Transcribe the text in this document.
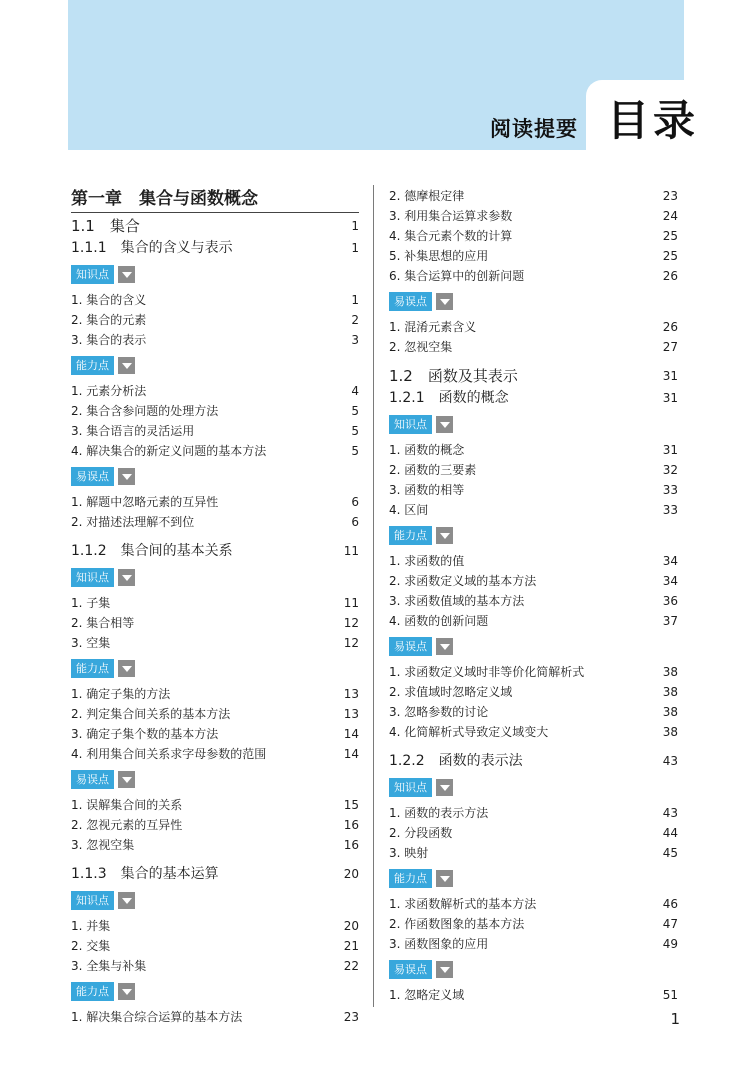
阅读提要 目录
第一章　集合与函数概念
1.1　集合	1
1.1.1　集合的含义与表示	1
知识点
1. 集合的含义	1
2. 集合的元素	2
3. 集合的表示	3
能力点
1. 元素分析法	4
2. 集合含参问题的处理方法	5
3. 集合语言的灵活运用	5
4. 解决集合的新定义问题的基本方法	5
易误点
1. 解题中忽略元素的互异性	6
2. 对描述法理解不到位	6
1.1.2　集合间的基本关系	11
知识点
1. 子集	11
2. 集合相等	12
3. 空集	12
能力点
1. 确定子集的方法	13
2. 判定集合间关系的基本方法	13
3. 确定子集个数的基本方法	14
4. 利用集合间关系求字母参数的范围	14
易误点
1. 误解集合间的关系	15
2. 忽视元素的互异性	16
3. 忽视空集	16
1.1.3　集合的基本运算	20
知识点
1. 并集	20
2. 交集	21
3. 全集与补集	22
能力点
1. 解决集合综合运算的基本方法	23
2. 德摩根定律	23
3. 利用集合运算求参数	24
4. 集合元素个数的计算	25
5. 补集思想的应用	25
6. 集合运算中的创新问题	26
易误点
1. 混淆元素含义	26
2. 忽视空集	27
1.2　函数及其表示	31
1.2.1　函数的概念	31
知识点
1. 函数的概念	31
2. 函数的三要素	32
3. 函数的相等	33
4. 区间	33
能力点
1. 求函数的值	34
2. 求函数定义域的基本方法	34
3. 求函数值域的基本方法	36
4. 函数的创新问题	37
易误点
1. 求函数定义域时非等价化简解析式	38
2. 求值域时忽略定义域	38
3. 忽略参数的讨论	38
4. 化简解析式导致定义域变大	38
1.2.2　函数的表示法	43
知识点
1. 函数的表示方法	43
2. 分段函数	44
3. 映射	45
能力点
1. 求函数解析式的基本方法	46
2. 作函数图象的基本方法	47
3. 函数图象的应用	49
易误点
1. 忽略定义域	51
1
